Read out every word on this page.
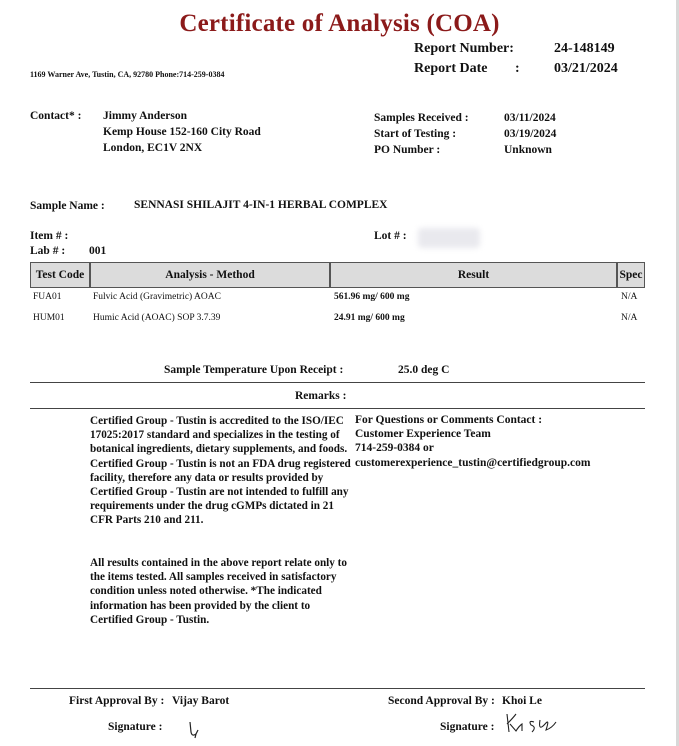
Certificate of Analysis (COA)
Report Number:	24-148149
Report Date : 03/21/2024
1169 Warner Ave, Tustin, CA, 92780 Phone:714-259-0384
Contact* : Jimmy Anderson
Kemp House 152-160 City Road
London, EC1V 2NX
Samples Received :	03/11/2024
Start of Testing :	03/19/2024
PO Number :	Unknown
Sample Name :	SENNASI SHILAJIT 4-IN-1 HERBAL COMPLEX
Item # :	Lot # :
Lab # : 001
Test Code	Analysis - Method	Result	Spec
FUA01	Fulvic Acid (Gravimetric) AOAC	561.96 mg/ 600 mg	N/A
HUM01	Humic Acid (AOAC) SOP 3.7.39	24.91 mg/ 600 mg	N/A
Sample Temperature Upon Receipt :	25.0 deg C
Remarks :
Certified Group - Tustin is accredited to the ISO/IEC 17025:2017 standard and specializes in the testing of botanical ingredients, dietary supplements, and foods. Certified Group - Tustin is not an FDA drug registered facility, therefore any data or results provided by Certified Group - Tustin are not intended to fulfill any requirements under the drug cGMPs dictated in 21 CFR Parts 210 and 211.
All results contained in the above report relate only to the items tested. All samples received in satisfactory condition unless noted otherwise. *The indicated information has been provided by the client to Certified Group - Tustin.
For Questions or Comments Contact :
Customer Experience Team
714-259-0384 or
customerexperience_tustin@certifiedgroup.com
First Approval By : Vijay Barot	Second Approval By : Khoi Le
Signature :	Signature :
